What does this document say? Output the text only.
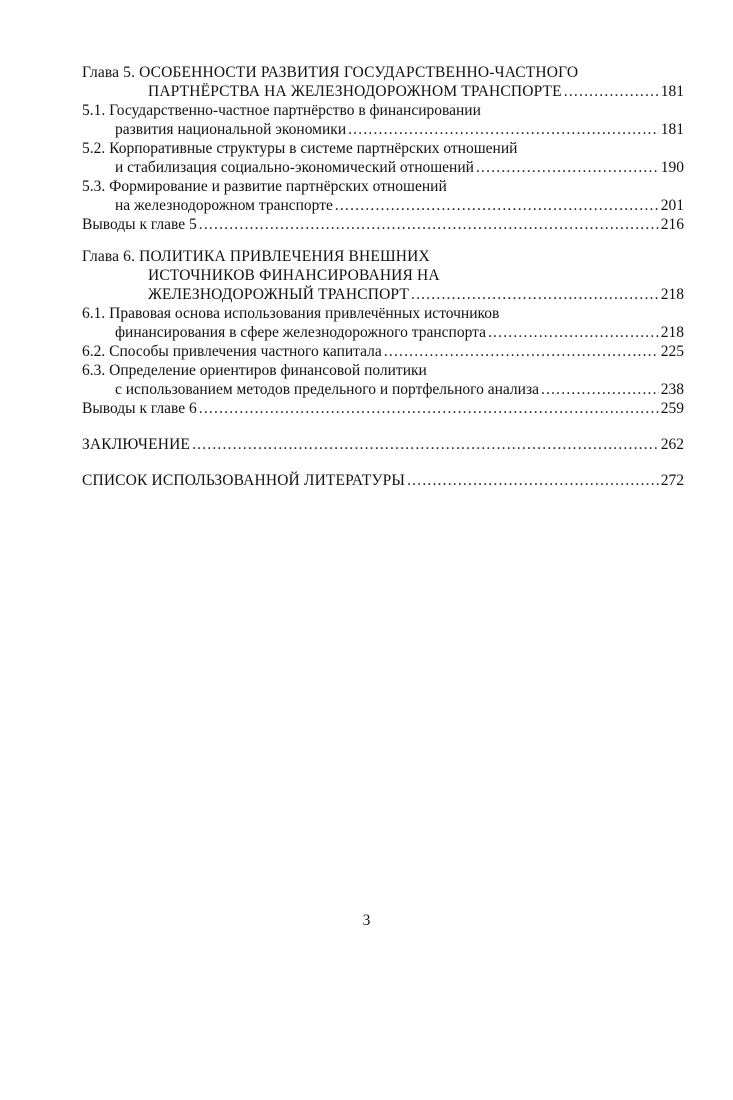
Глава 5. ОСОБЕННОСТИ РАЗВИТИЯ ГОСУДАРСТВЕННО-ЧАСТНОГО
ПАРТНЁРСТВА НА ЖЕЛЕЗНОДОРОЖНОМ ТРАНСПОРТЕ .....	181
5.1. Государственно-частное партнёрство в финансировании
развития национальной экономики .....	181
5.2. Корпоративные структуры в системе партнёрских отношений
и стабилизация социально-экономический отношений .....	190
5.3. Формирование и развитие партнёрских отношений
на железнодорожном транспорте .....	201
Выводы к главе 5 .....	216
Глава 6. ПОЛИТИКА ПРИВЛЕЧЕНИЯ ВНЕШНИХ
ИСТОЧНИКОВ ФИНАНСИРОВАНИЯ НА
ЖЕЛЕЗНОДОРОЖНЫЙ ТРАНСПОРТ .....	218
6.1. Правовая основа использования привлечённых источников
финансирования в сфере железнодорожного транспорта .....	218
6.2. Способы привлечения частного капитала .....	225
6.3. Определение ориентиров финансовой политики
с использованием методов предельного и портфельного анализа .....	238
Выводы к главе 6 .....	259
ЗАКЛЮЧЕНИЕ .....	262
СПИСОК ИСПОЛЬЗОВАННОЙ ЛИТЕРАТУРЫ .....	272
3
